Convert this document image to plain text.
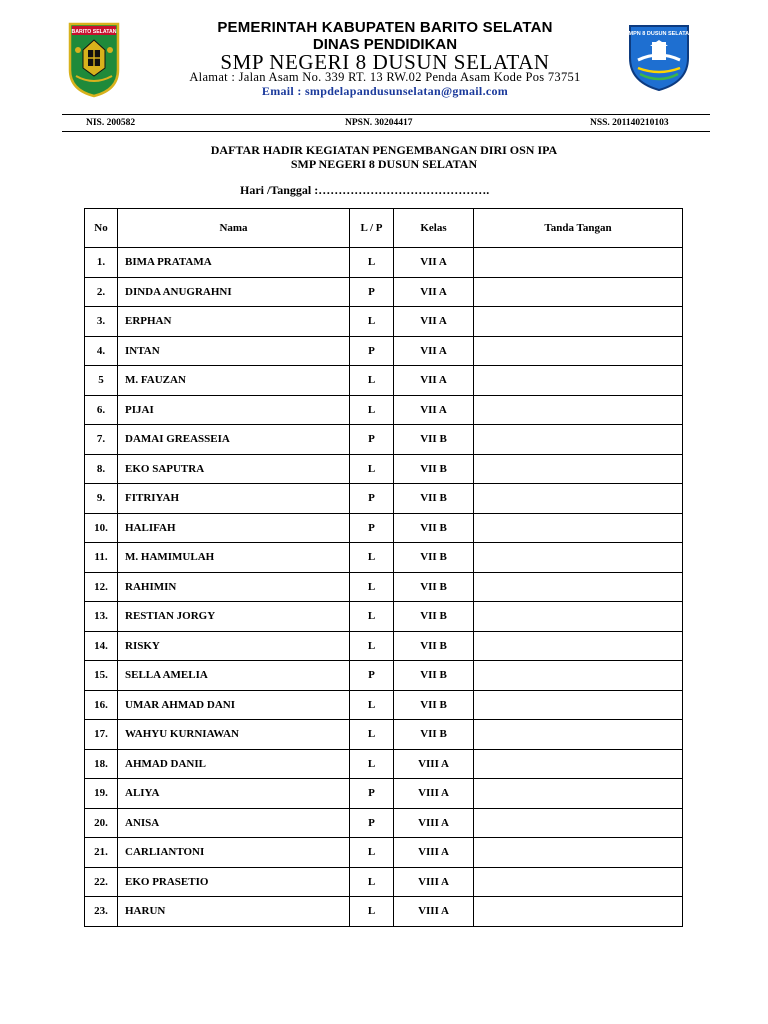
BARITO SELATAN	SMPN 8 DUSUN SELATAN
PEMERINTAH KABUPATEN BARITO SELATAN
DINAS PENDIDIKAN
SMP NEGERI 8 DUSUN SELATAN
Alamat : Jalan Asam No. 339 RT. 13 RW.02 Penda Asam Kode Pos 73751
Email : smpdelapandusunselatan@gmail.com
NIS. 200582	NPSN. 30204417	NSS. 201140210103
DAFTAR HADIR KEGIATAN PENGEMBANGAN DIRI OSN IPA
SMP NEGERI 8 DUSUN SELATAN
Hari /Tanggal :…………………………………….
No	Nama	L / P	Kelas	Tanda Tangan
1.	BIMA PRATAMA	L	VII A	
2.	DINDA ANUGRAHNI	P	VII A	
3.	ERPHAN	L	VII A	
4.	INTAN	P	VII A	
5	M. FAUZAN	L	VII A	
6.	PIJAI	L	VII A	
7.	DAMAI GREASSEIA	P	VII B	
8.	EKO SAPUTRA	L	VII B	
9.	FITRIYAH	P	VII B	
10.	HALIFAH	P	VII B	
11.	M. HAMIMULAH	L	VII B	
12.	RAHIMIN	L	VII B	
13.	RESTIAN JORGY	L	VII B	
14.	RISKY	L	VII B	
15.	SELLA AMELIA	P	VII B	
16.	UMAR AHMAD DANI	L	VII B	
17.	WAHYU KURNIAWAN	L	VII B	
18.	AHMAD DANIL	L	VIII A	
19.	ALIYA	P	VIII A	
20.	ANISA	P	VIII A	
21.	CARLIANTONI	L	VIII A	
22.	EKO PRASETIO	L	VIII A	
23.	HARUN	L	VIII A	
